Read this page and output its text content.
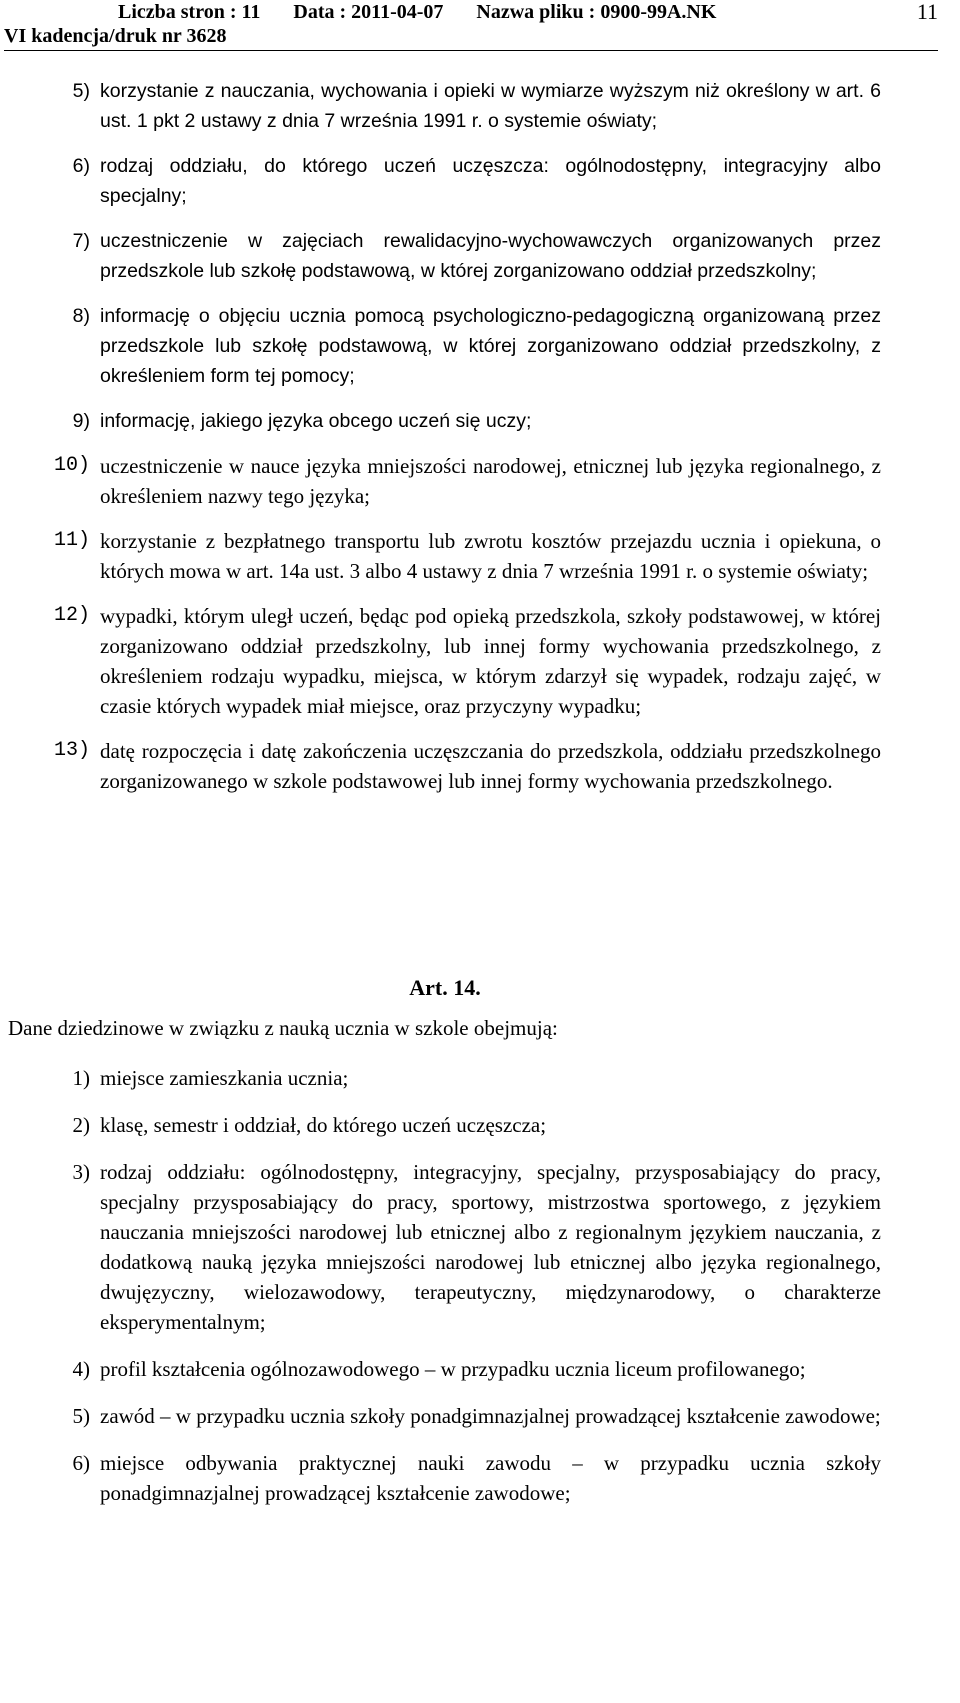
Liczba stron : 11 Data : 2011-04-07 Nazwa pliku : 0900-99A.NK
VI kadencja/druk nr 3628
11
5) korzystanie z nauczania, wychowania i opieki w wymiarze wyższym niż określony w art. 6 ust. 1 pkt 2 ustawy z dnia 7 września 1991 r. o systemie oświaty;
6) rodzaj oddziału, do którego uczeń uczęszcza: ogólnodostępny, integracyjny albo specjalny;
7) uczestniczenie w zajęciach rewalidacyjno-wychowawczych organizowanych przez przedszkole lub szkołę podstawową, w której zorganizowano oddział przedszkolny;
8) informację o objęciu ucznia pomocą psychologiczno-pedagogiczną organizowaną przez przedszkole lub szkołę podstawową, w której zorganizowano oddział przedszkolny, z określeniem form tej pomocy;
9) informację, jakiego języka obcego uczeń się uczy;
10) uczestniczenie w nauce języka mniejszości narodowej, etnicznej lub języka regionalnego, z określeniem nazwy tego języka;
11) korzystanie z bezpłatnego transportu lub zwrotu kosztów przejazdu ucznia i opiekuna, o których mowa w art. 14a ust. 3 albo 4 ustawy z dnia 7 września 1991 r. o systemie oświaty;
12) wypadki, którym uległ uczeń, będąc pod opieką przedszkola, szkoły podstawowej, w której zorganizowano oddział przedszkolny, lub innej formy wychowania przedszkolnego, z określeniem rodzaju wypadku, miejsca, w którym zdarzył się wypadek, rodzaju zajęć, w czasie których wypadek miał miejsce, oraz przyczyny wypadku;
13) datę rozpoczęcia i datę zakończenia uczęszczania do przedszkola, oddziału przedszkolnego zorganizowanego w szkole podstawowej lub innej formy wychowania przedszkolnego.
Art. 14.
Dane dziedzinowe w związku z nauką ucznia w szkole obejmują:
1) miejsce zamieszkania ucznia;
2) klasę, semestr i oddział, do którego uczeń uczęszcza;
3) rodzaj oddziału: ogólnodostępny, integracyjny, specjalny, przysposabiający do pracy, specjalny przysposabiający do pracy, sportowy, mistrzostwa sportowego, z językiem nauczania mniejszości narodowej lub etnicznej albo z regionalnym językiem nauczania, z dodatkową nauką języka mniejszości narodowej lub etnicznej albo języka regionalnego, dwujęzyczny, wielozawodowy, terapeutyczny, międzynarodowy, o charakterze eksperymentalnym;
4) profil kształcenia ogólnozawodowego – w przypadku ucznia liceum profilowanego;
5) zawód – w przypadku ucznia szkoły ponadgimnazjalnej prowadzącej kształcenie zawodowe;
6) miejsce odbywania praktycznej nauki zawodu – w przypadku ucznia szkoły ponadgimnazjalnej prowadzącej kształcenie zawodowe;
